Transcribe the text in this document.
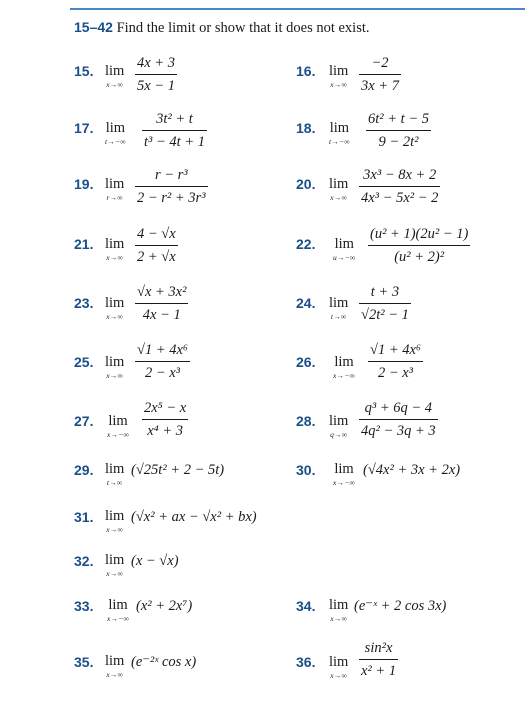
15–42 Find the limit or show that it does not exist.
15. lim
x→∞
4x + 3
5x − 1
16. lim
x→∞
−2
3x + 7
17. lim
t→−∞
3t² + t
t³ − 4t + 1
18. lim
t→−∞
6t² + t − 5
9 − 2t²
19. lim
r→∞
r − r³
2 − r² + 3r³
20. lim
x→∞
3x³ − 8x + 2
4x³ − 5x² − 2
21. lim
x→∞
4 − √x
2 + √x
22. lim
u→−∞
(u² + 1)(2u² − 1)
(u² + 2)²
23. lim
x→∞
√x + 3x²
4x − 1
24. lim
t→∞
t + 3
√2t² − 1
25. lim
x→∞
√1 + 4x⁶
2 − x³
26. lim
x→−∞
√1 + 4x⁶
2 − x³
27. lim
x→−∞
2x⁵ − x
x⁴ + 3
28. lim
q→∞
q³ + 6q − 4
4q² − 3q + 3
29. lim
t→∞
(√25t² + 2 − 5t)	30. lim
x→−∞
(√4x² + 3x + 2x)
31. lim
x→∞
(√x² + ax − √x² + bx)
32. lim
x→∞
(x − √x)
33. lim
x→−∞
(x² + 2x⁷)	34. lim
x→∞
(e⁻ˣ + 2 cos 3x)
35. lim
x→∞
(e⁻²ˣ cos x)	36. lim
x→∞
sin²x
x² + 1
